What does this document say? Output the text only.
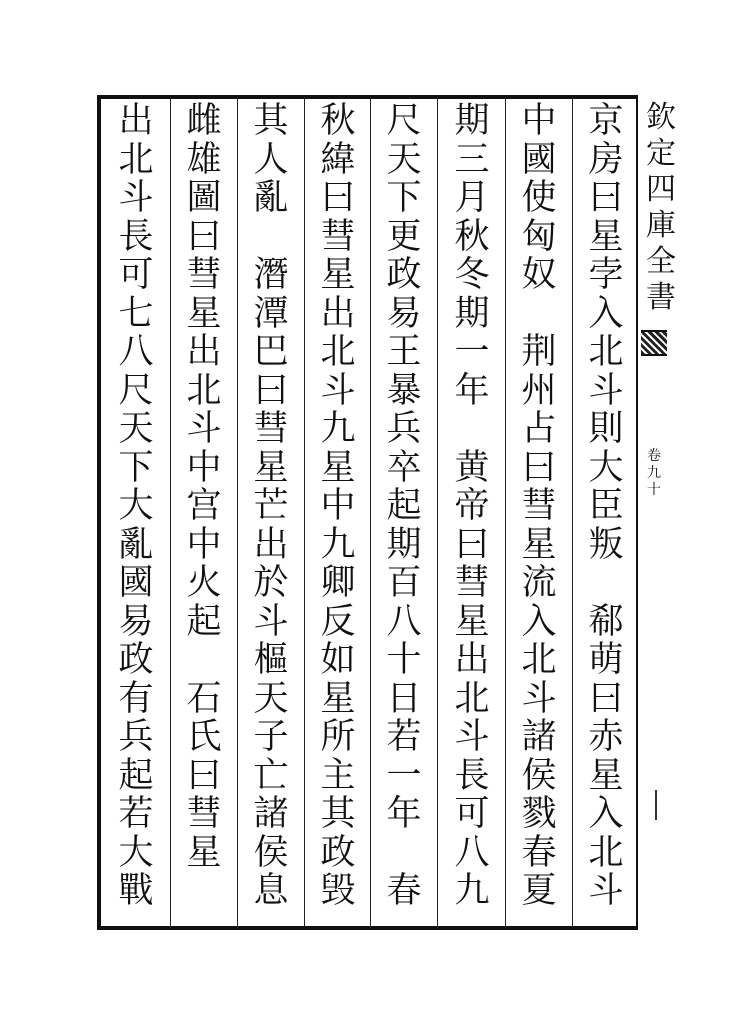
京
房
曰
星
孛
入
北
斗
則
大
臣
叛

郗
萌
曰
赤
星
入
北
斗
中
國
使
匈
奴

荆
州
占
曰
彗
星
流
入
北
斗
諸
侯
戮
春
夏
期
三
月
秋
冬
期
一
年

黄
帝
曰
彗
星
出
北
斗
長
可
八
九
尺
天
下
更
政
易
王
暴
兵
卒
起
期
百
八
十
日
若
一
年

春
秋
緯
曰
彗
星
出
北
斗
九
星
中
九
卿
反
如
星
所
主
其
政
毁
其
人
亂

潛
潭
巴
曰
彗
星
芒
出
於
斗
樞
天
子
亡
諸
侯
息
雌
雄
圖
曰
彗
星
出
北
斗
中
宫
中
火
起

石
氏
曰
彗
星
出
北
斗
長
可
七
八
尺
天
下
大
亂
國
易
政
有
兵
起
若
大
戰
欽
定
四
庫
全
書
卷
九
十
